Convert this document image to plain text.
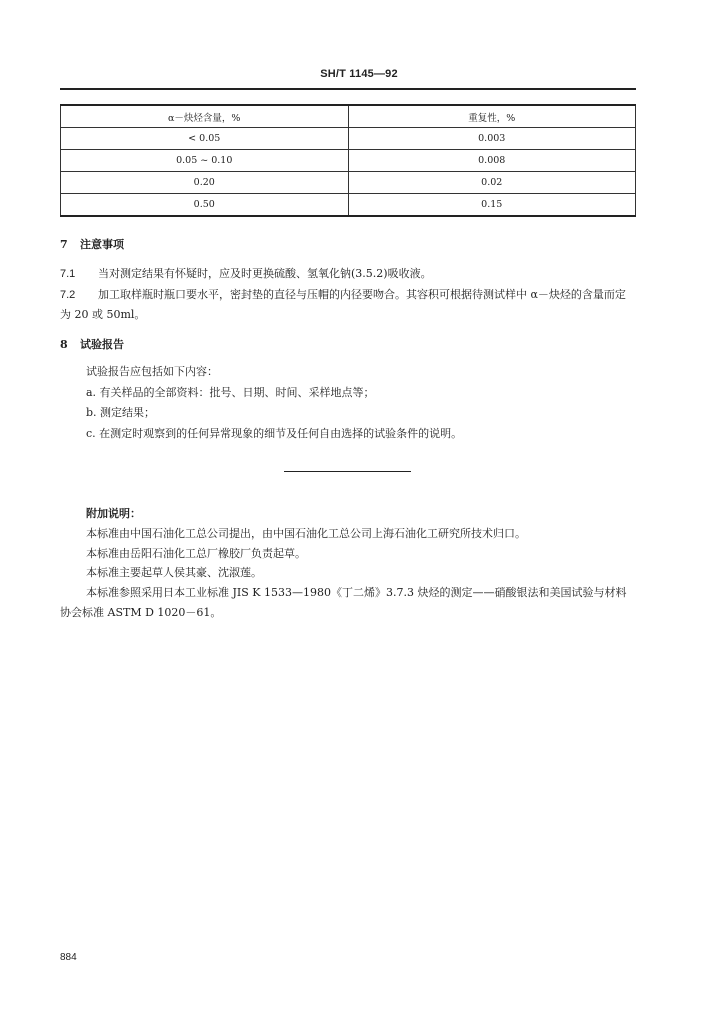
SH/T 1145—92
α－炔烃含量，%	重复性，%
< 0.05	0.003
0.05 ~ 0.10	0.008
0.20	0.02
0.50	0.15
7 注意事项
7.1 当对测定结果有怀疑时，应及时更换硫酸、氢氧化钠(3.5.2)吸收液。
7.2 加工取样瓶时瓶口要水平，密封垫的直径与压帽的内径要吻合。其容积可根据待测试样中 α－炔烃的含量而定为 20 或 50ml。
8 试验报告
试验报告应包括如下内容：
a. 有关样品的全部资料：批号、日期、时间、采样地点等；
b. 测定结果；
c. 在测定时观察到的任何异常现象的细节及任何自由选择的试验条件的说明。
附加说明：
本标准由中国石油化工总公司提出，由中国石油化工总公司上海石油化工研究所技术归口。
本标准由岳阳石油化工总厂橡胶厂负责起草。
本标准主要起草人侯其豪、沈淑莲。
本标准参照采用日本工业标准 JIS K 1533—1980《丁二烯》3.7.3 炔烃的测定——硝酸银法和美国试验与材料协会标准 ASTM D 1020－61。
884
